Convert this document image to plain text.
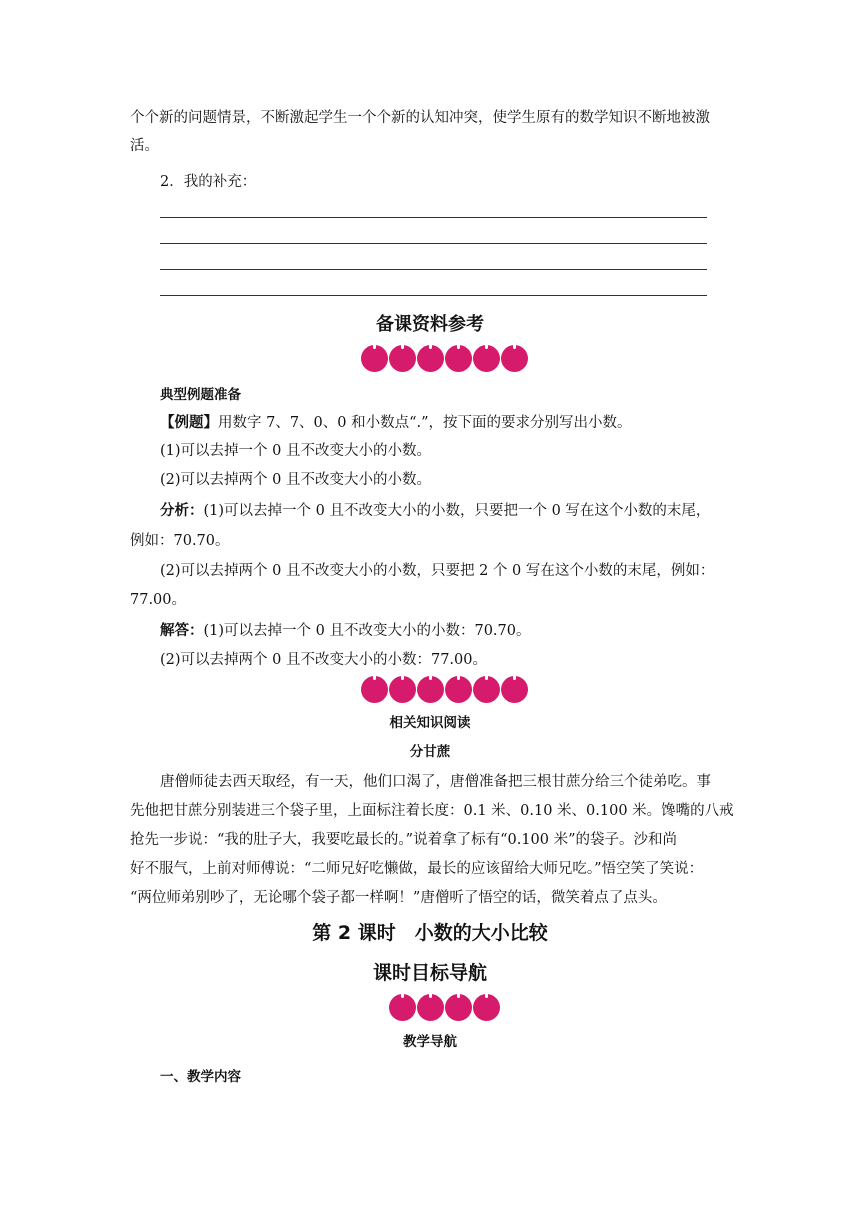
个个新的问题情景，不断激起学生一个个新的认知冲突，使学生原有的数学知识不断地被激
活。
2．我的补充：
备课资料参考
典型例题准备
【例题】用数字 7、7、0、0 和小数点“.”，按下面的要求分别写出小数。
(1)可以去掉一个 0 且不改变大小的小数。
(2)可以去掉两个 0 且不改变大小的小数。
分析：(1)可以去掉一个 0 且不改变大小的小数，只要把一个 0 写在这个小数的末尾，
例如：70.70。
(2)可以去掉两个 0 且不改变大小的小数，只要把 2 个 0 写在这个小数的末尾，例如：
77.00。
解答：(1)可以去掉一个 0 且不改变大小的小数：70.70。
(2)可以去掉两个 0 且不改变大小的小数：77.00。
相关知识阅读
分甘蔗
唐僧师徒去西天取经，有一天，他们口渴了，唐僧准备把三根甘蔗分给三个徒弟吃。事
先他把甘蔗分别装进三个袋子里，上面标注着长度：0.1 米、0.10 米、0.100 米。馋嘴的八戒
抢先一步说：“我的肚子大，我要吃最长的。”说着拿了标有“0.100 米”的袋子。沙和尚
好不服气，上前对师傅说：“二师兄好吃懒做，最长的应该留给大师兄吃。”悟空笑了笑说：
“两位师弟别吵了，无论哪个袋子都一样啊！”唐僧听了悟空的话，微笑着点了点头。
第 2 课时　小数的大小比较
课时目标导航
教学导航
一、教学内容
